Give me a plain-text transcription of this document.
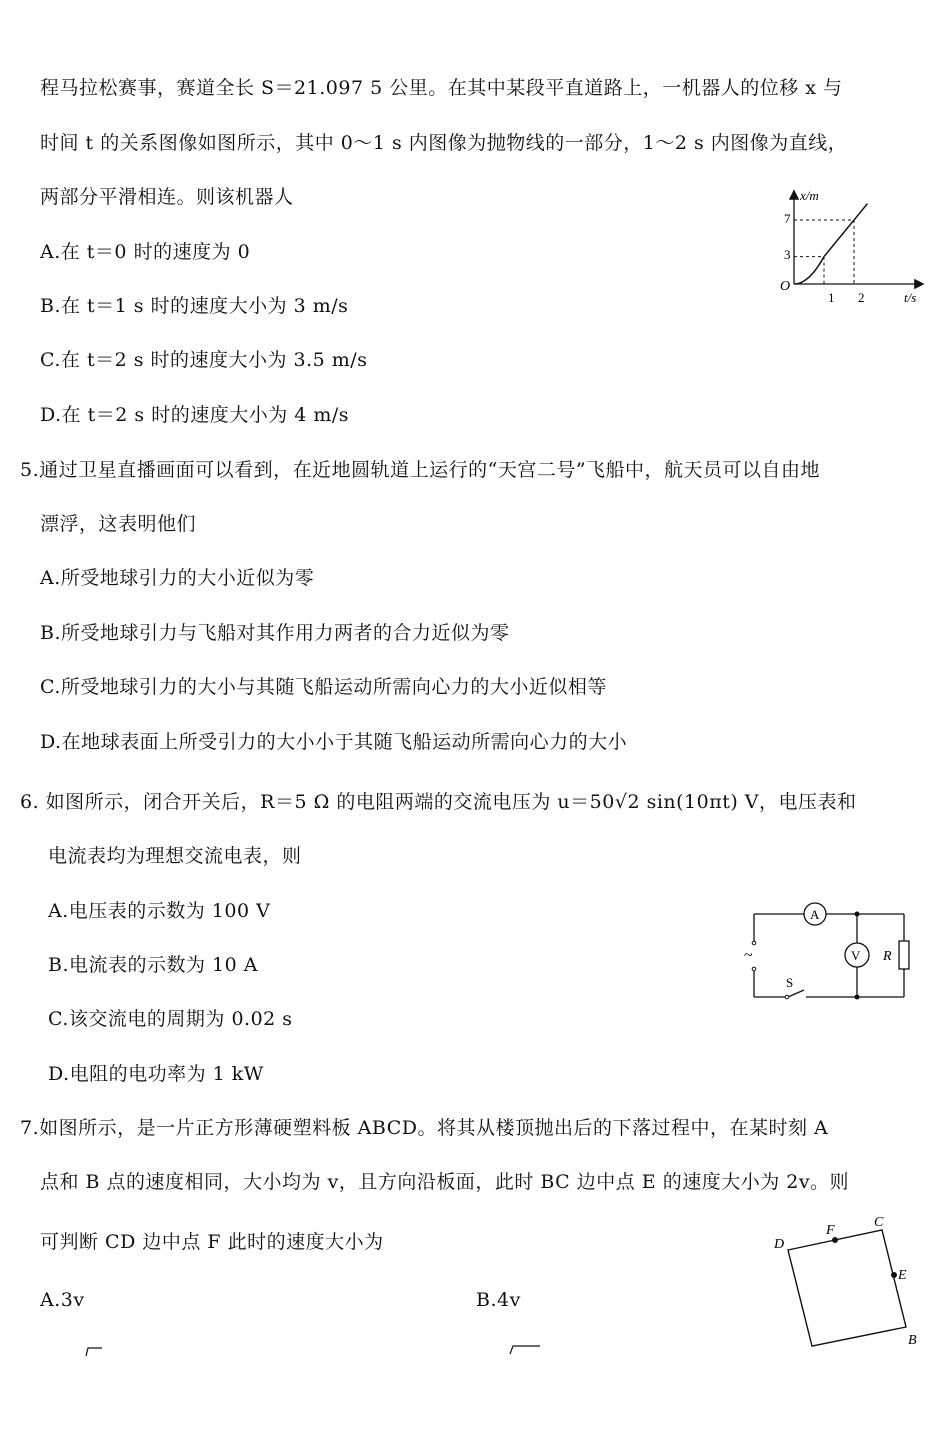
程马拉松赛事，赛道全长 S＝21.097 5 公里。在其中某段平直道路上，一机器人的位移 x 与
时间 t 的关系图像如图所示，其中 0～1 s 内图像为抛物线的一部分，1～2 s 内图像为直线，
两部分平滑相连。则该机器人
A.在 t＝0 时的速度为 0
B.在 t＝1 s 时的速度大小为 3 m/s
C.在 t＝2 s 时的速度大小为 3.5 m/s
D.在 t＝2 s 时的速度大小为 4 m/s
x/m
t/s
O
7
3
1 2
5.通过卫星直播画面可以看到，在近地圆轨道上运行的“天宫二号”飞船中，航天员可以自由地
漂浮，这表明他们
A.所受地球引力的大小近似为零
B.所受地球引力与飞船对其作用力两者的合力近似为零
C.所受地球引力的大小与其随飞船运动所需向心力的大小近似相等
D.在地球表面上所受引力的大小小于其随飞船运动所需向心力的大小
6. 如图所示，闭合开关后，R＝5 Ω 的电阻两端的交流电压为 u＝50√2 sin(10πt) V，电压表和
电流表均为理想交流电表，则
A.电压表的示数为 100 V
B.电流表的示数为 10 A
C.该交流电的周期为 0.02 s
D.电阻的电功率为 1 kW
A
V R
S
~
7.如图所示，是一片正方形薄硬塑料板 ABCD。将其从楼顶抛出后的下落过程中，在某时刻 A
点和 B 点的速度相同，大小均为 v，且方向沿板面，此时 BC 边中点 E 的速度大小为 2v。则
可判断 CD 边中点 F 此时的速度大小为
A.3v	B.4v
D
F
C
E
B
